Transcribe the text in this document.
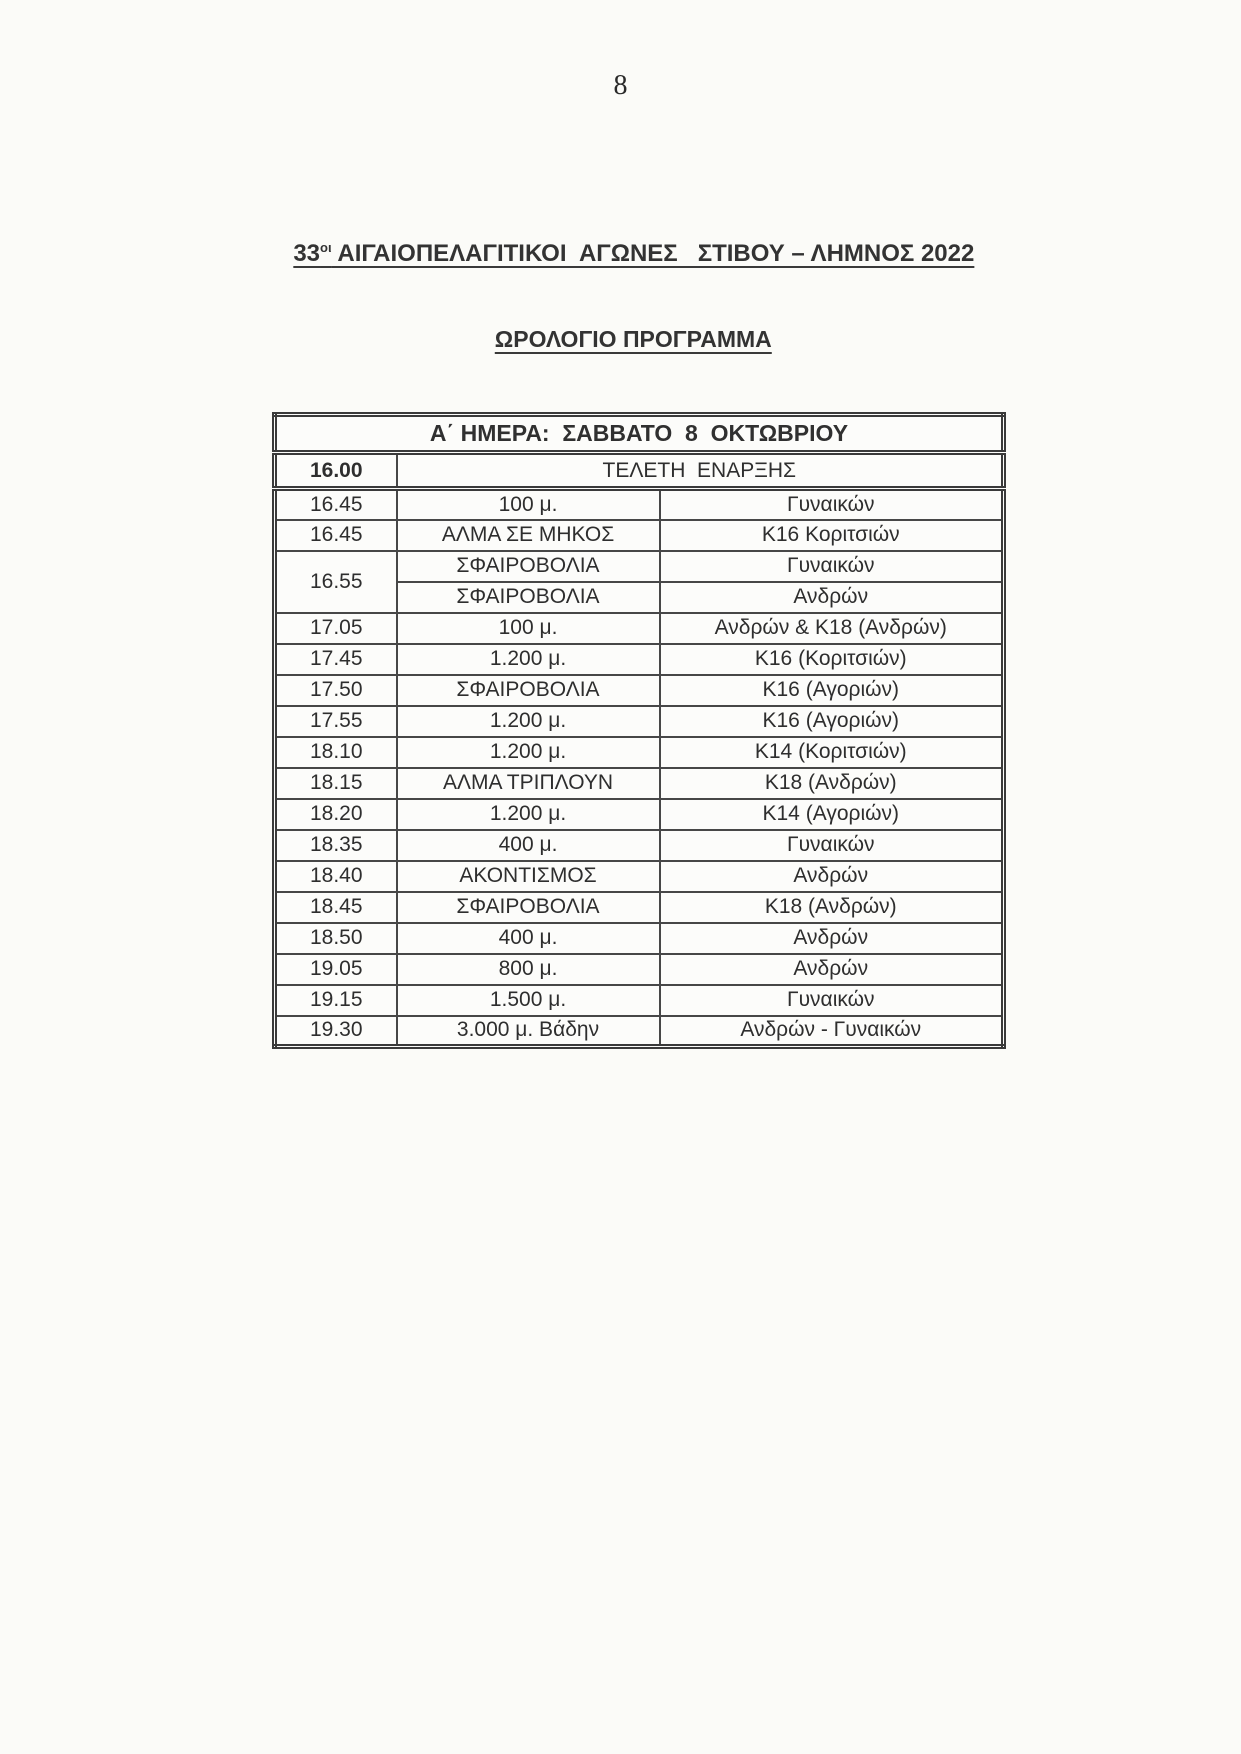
8

$33^{o\iota}$ ΑΙΓΑΙΟΠΕΛΑΓΙΤΙΚΟΙ  ΑΓΩΝΕΣ   ΣΤΙΒΟΥ – ΛΗΜΝΟΣ 2022

ΩΡΟΛΟΓΙΟ ΠΡΟΓΡΑΜΜΑ

Α΄ ΗΜΕΡΑ:  ΣΑΒΒΑΤΟ  8  ΟΚΤΩΒΡΙΟΥ		
16.00	ΤΕΛΕΤΗ  ΕΝΑΡΞΗΣ	
16.45	100 μ.	Γυναικών
16.45	ΑΛΜΑ ΣΕ ΜΗΚΟΣ	Κ16 Κοριτσιών
16.55	ΣΦΑΙΡΟΒΟΛΙΑ	Γυναικών
	ΣΦΑΙΡΟΒΟΛΙΑ	Ανδρών
17.05	100 μ.	Ανδρών & Κ18 (Ανδρών)
17.45	1.200 μ.	Κ16 (Κοριτσιών)
17.50	ΣΦΑΙΡΟΒΟΛΙΑ	Κ16 (Αγοριών)
17.55	1.200 μ.	Κ16 (Αγοριών)
18.10	1.200 μ.	Κ14 (Κοριτσιών)
18.15	ΑΛΜΑ ΤΡΙΠΛΟΥΝ	Κ18 (Ανδρών)
18.20	1.200 μ.	Κ14 (Αγοριών)
18.35	400 μ.	Γυναικών
18.40	ΑΚΟΝΤΙΣΜΟΣ	Ανδρών
18.45	ΣΦΑΙΡΟΒΟΛΙΑ	Κ18 (Ανδρών)
18.50	400 μ.	Ανδρών
19.05	800 μ.	Ανδρών
19.15	1.500 μ.	Γυναικών
19.30	3.000 μ. Βάδην	Ανδρών - Γυναικών
